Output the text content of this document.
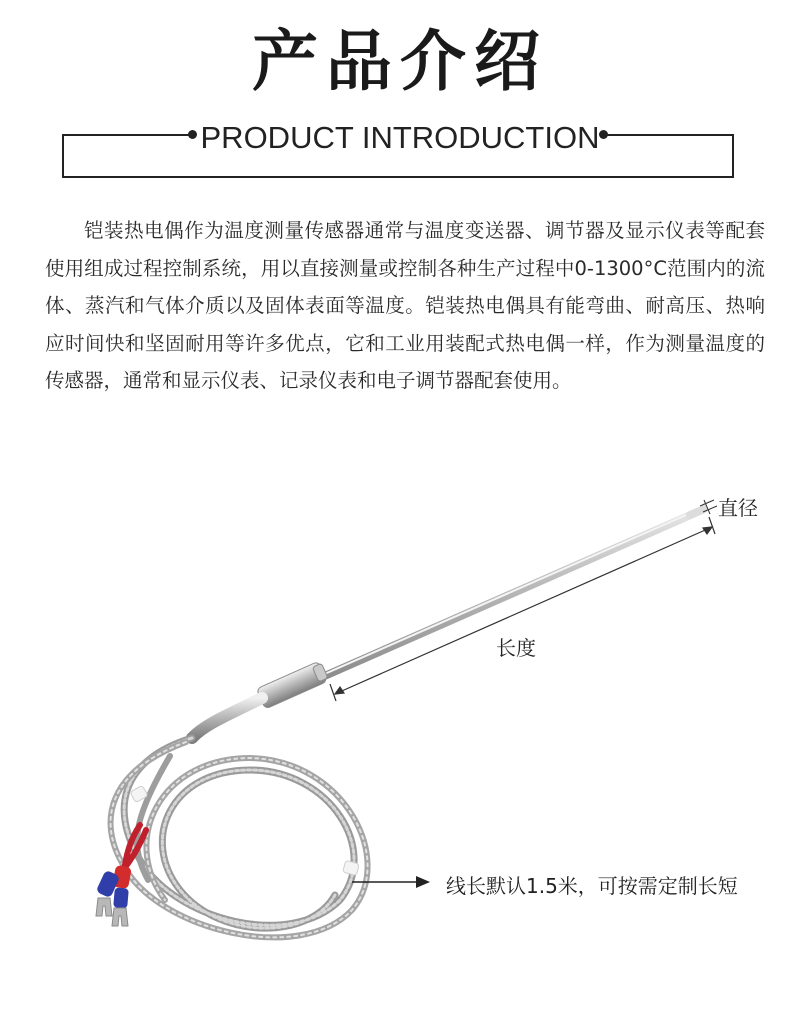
产品介绍
PRODUCT INTRODUCTION
铠装热电偶作为温度测量传感器通常与温度变送器、调节器及显示仪表等配套使用组成过程控制系统，用以直接测量或控制各种生产过程中0-1300°C范围内的流体、蒸汽和气体介质以及固体表面等温度。铠装热电偶具有能弯曲、耐高压、热响应时间快和坚固耐用等许多优点，它和工业用装配式热电偶一样，作为测量温度的传感器，通常和显示仪表、记录仪表和电子调节器配套使用。
直径
长度
线长默认1.5米，可按需定制长短
